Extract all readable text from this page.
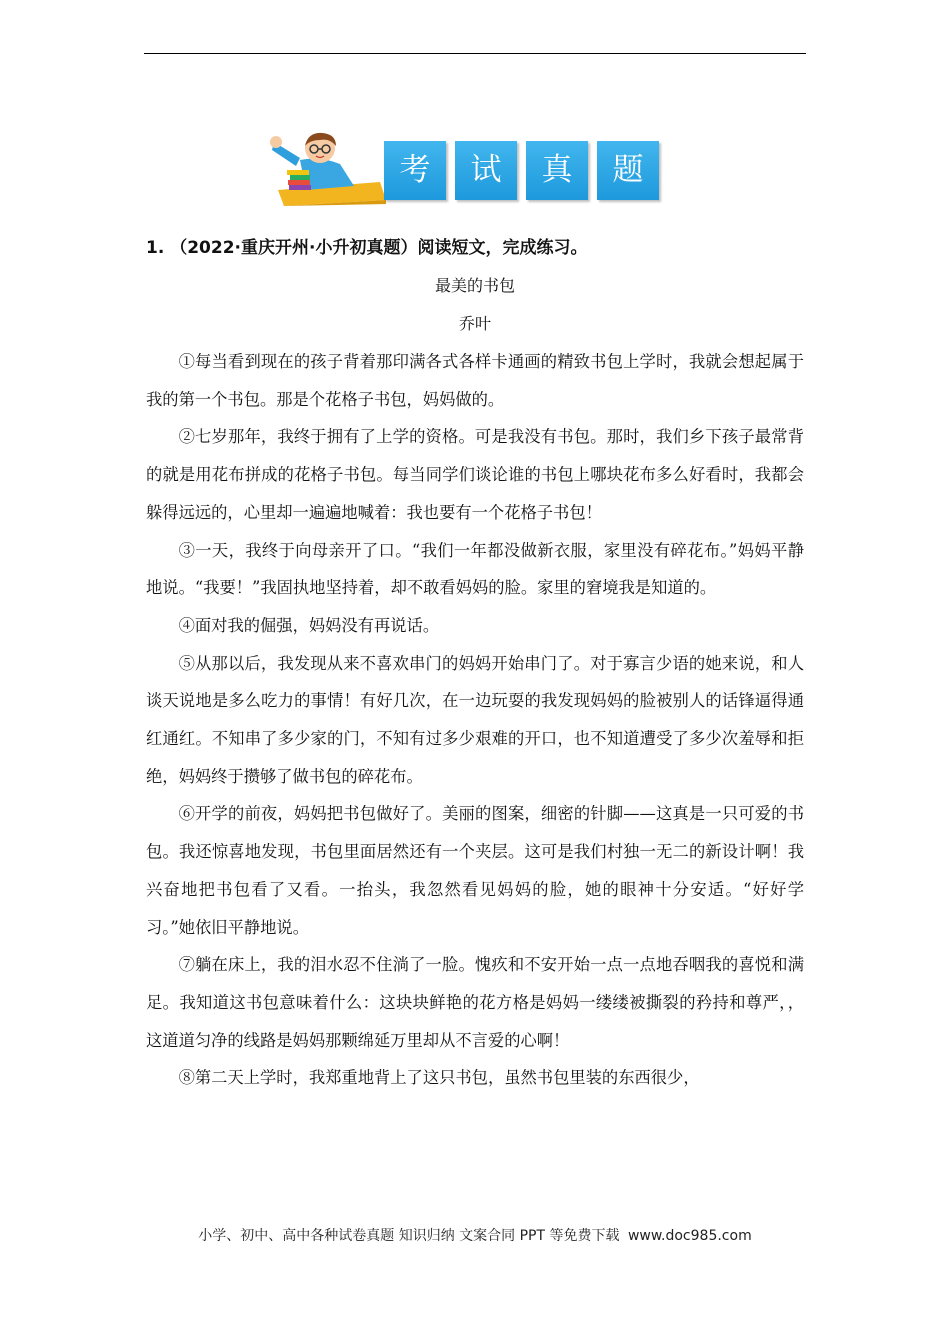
考	试	真	题
1. （2022·重庆开州·小升初真题）阅读短文，完成练习。
最美的书包
乔叶

①每当看到现在的孩子背着那印满各式各样卡通画的精致书包上学时，我就会想起属于我的第一个书包。那是个花格子书包，妈妈做的。

②七岁那年，我终于拥有了上学的资格。可是我没有书包。那时，我们乡下孩子最常背的就是用花布拼成的花格子书包。每当同学们谈论谁的书包上哪块花布多么好看时，我都会躲得远远的，心里却一遍遍地喊着：我也要有一个花格子书包！

③一天，我终于向母亲开了口。“我们一年都没做新衣服，家里没有碎花布。”妈妈平静地说。“我要！”我固执地坚持着，却不敢看妈妈的脸。家里的窘境我是知道的。

④面对我的倔强，妈妈没有再说话。

⑤从那以后，我发现从来不喜欢串门的妈妈开始串门了。对于寡言少语的她来说，和人谈天说地是多么吃力的事情！有好几次，在一边玩耍的我发现妈妈的脸被别人的话锋逼得通红通红。不知串了多少家的门，不知有过多少艰难的开口，也不知道遭受了多少次羞辱和拒绝，妈妈终于攒够了做书包的碎花布。

⑥开学的前夜，妈妈把书包做好了。美丽的图案，细密的针脚——这真是一只可爱的书包。我还惊喜地发现，书包里面居然还有一个夹层。这可是我们村独一无二的新设计啊！我兴奋地把书包看了又看。一抬头，我忽然看见妈妈的脸，她的眼神十分安适。“好好学习。”她依旧平静地说。

⑦躺在床上，我的泪水忍不住淌了一脸。愧疚和不安开始一点一点地吞咽我的喜悦和满足。我知道这书包意味着什么：这块块鲜艳的花方格是妈妈一缕缕被撕裂的矜持和尊严，，这道道匀净的线路是妈妈那颗绵延万里却从不言爱的心啊！

⑧第二天上学时，我郑重地背上了这只书包，虽然书包里装的东西很少，

小学、初中、高中各种试卷真题 知识归纳 文案合同 PPT 等免费下载 www.doc985.com
